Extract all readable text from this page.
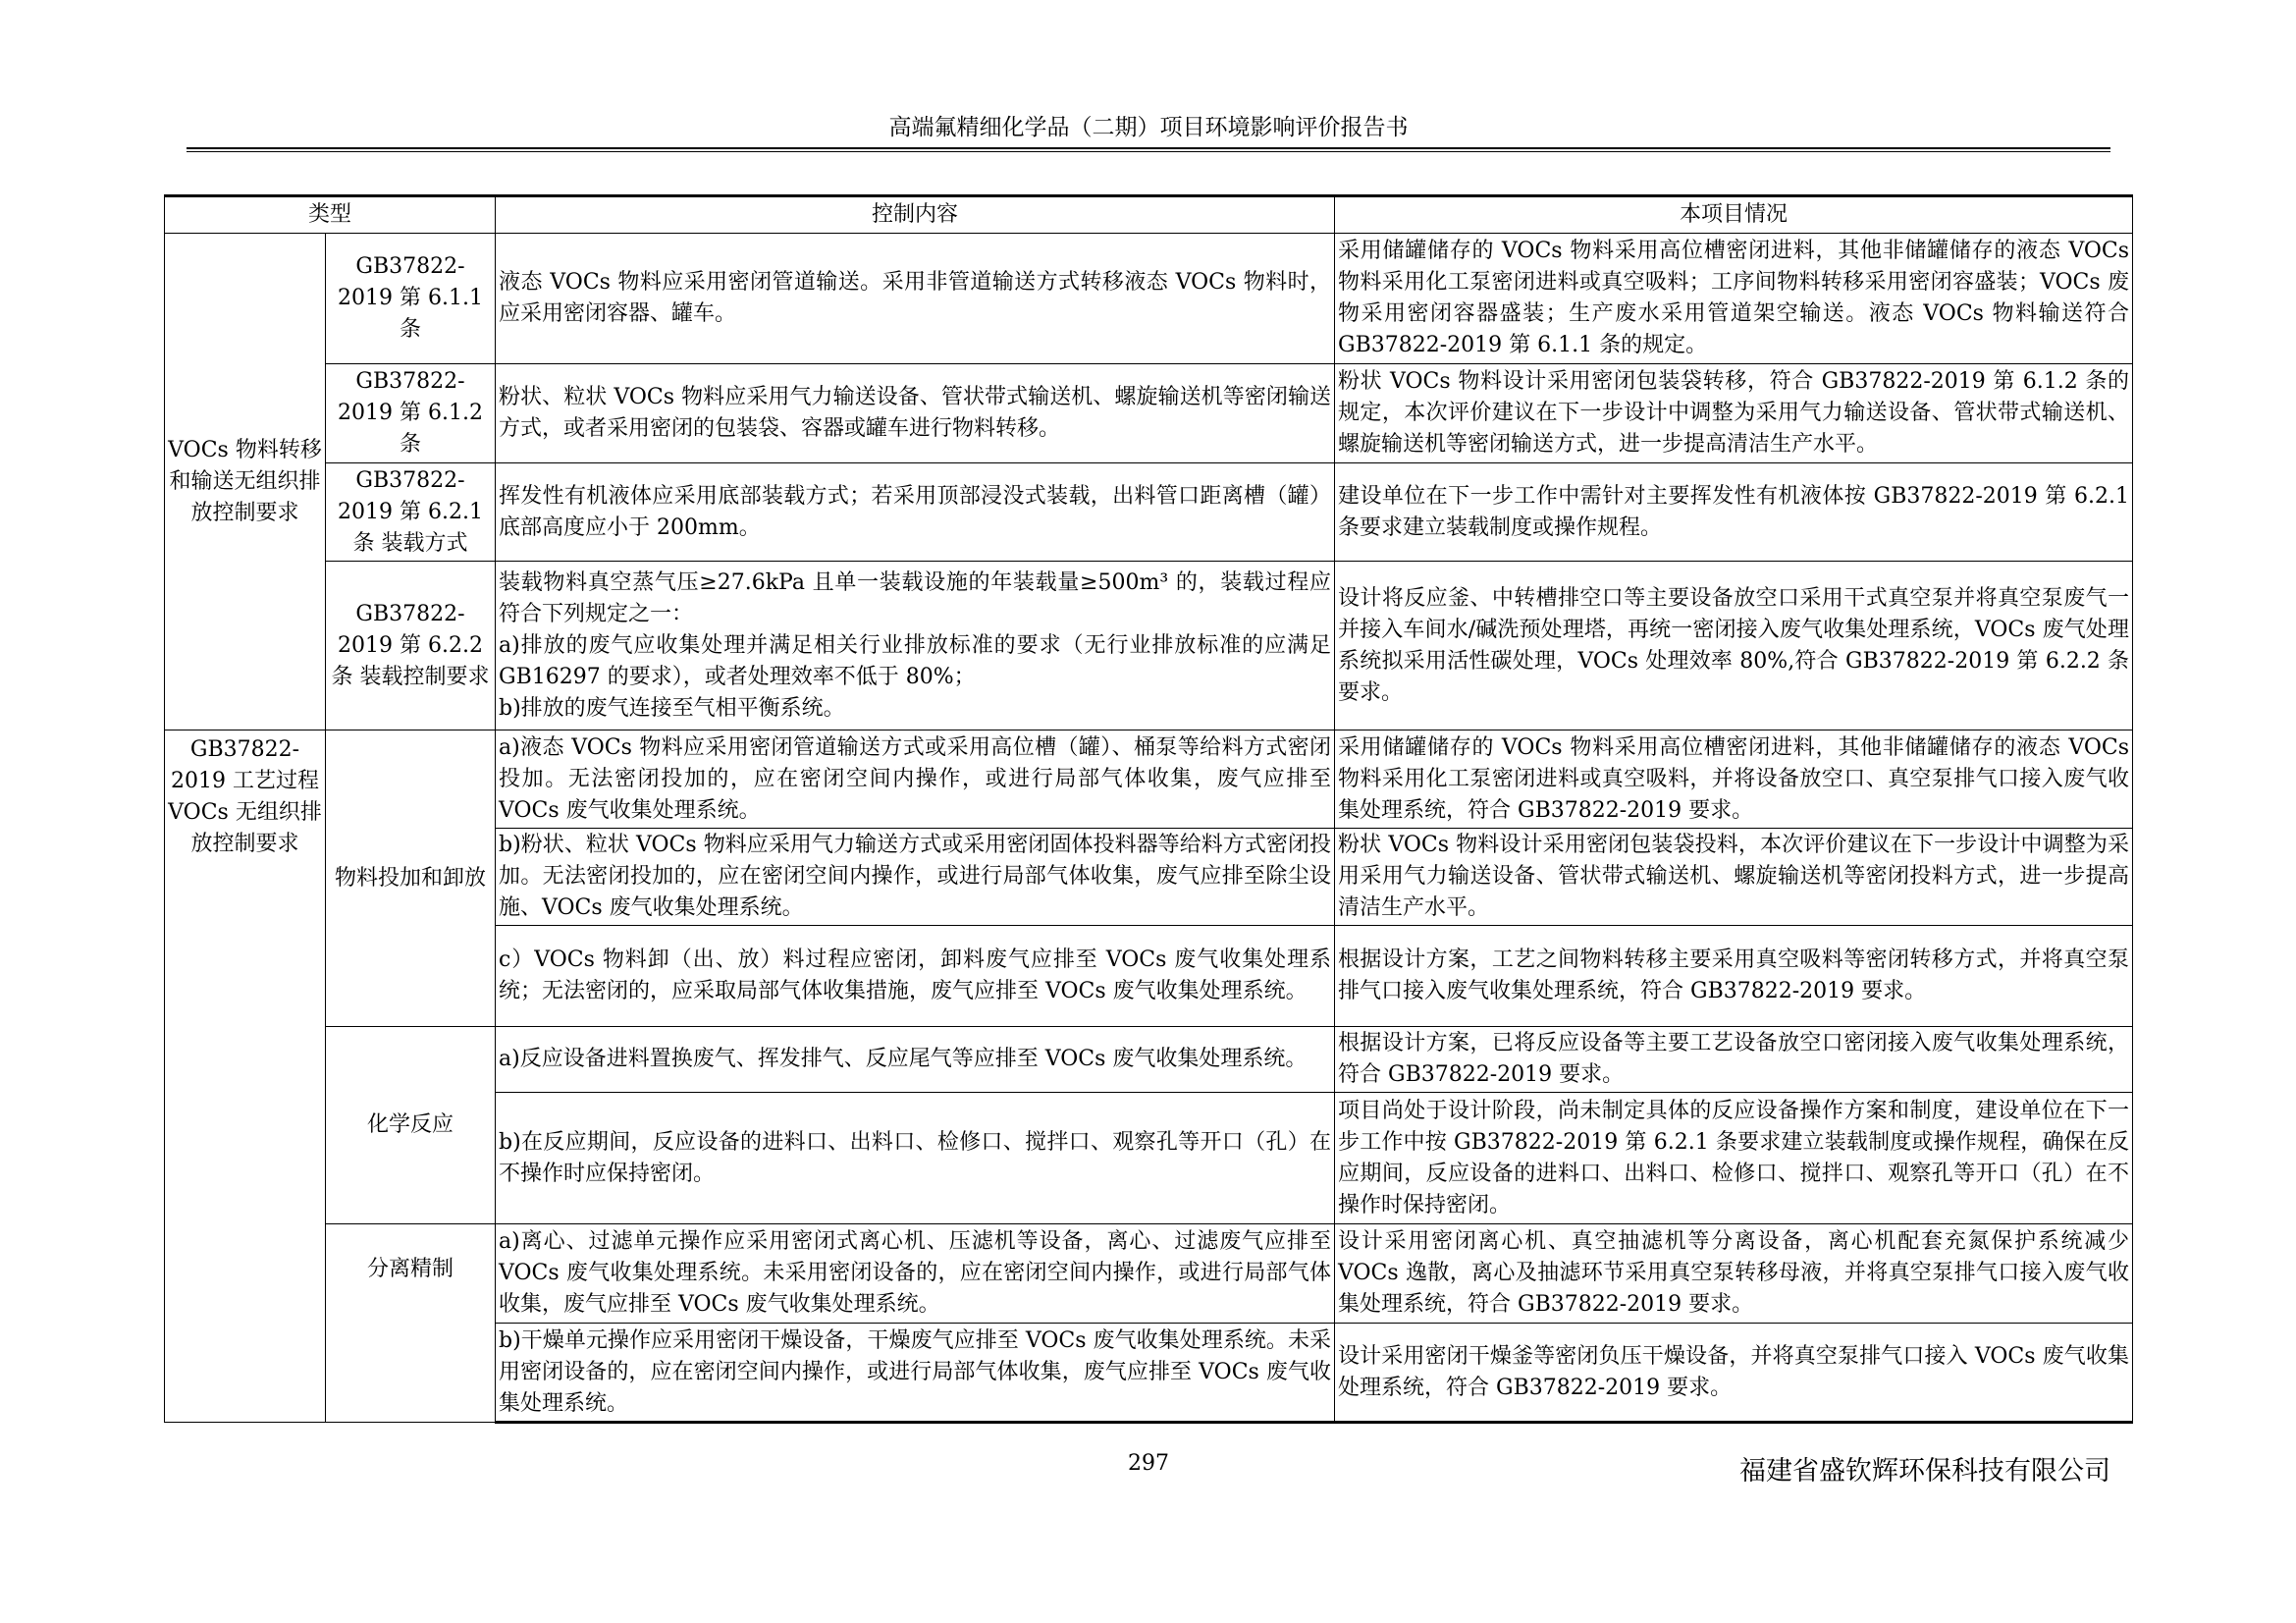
高端氟精细化学品（二期）项目环境影响评价报告书
类型		控制内容	本项目情况
VOCs 物料转移和输送无组织排放控制要求	GB37822-2019 第 6.1.1 条	液态 VOCs 物料应采用密闭管道输送。采用非管道输送方式转移液态 VOCs 物料时，应采用密闭容器、罐车。	采用储罐储存的 VOCs 物料采用高位槽密闭进料，其他非储罐储存的液态 VOCs 物料采用化工泵密闭进料或真空吸料；工序间物料转移采用密闭容盛装；VOCs 废物采用密闭容器盛装；生产废水采用管道架空输送。液态 VOCs 物料输送符合 GB37822-2019 第 6.1.1 条的规定。
	GB37822-2019 第 6.1.2 条	粉状、粒状 VOCs 物料应采用气力输送设备、管状带式输送机、螺旋输送机等密闭输送方式，或者采用密闭的包装袋、容器或罐车进行物料转移。	粉状 VOCs 物料设计采用密闭包装袋转移，符合 GB37822-2019 第 6.1.2 条的规定，本次评价建议在下一步设计中调整为采用气力输送设备、管状带式输送机、螺旋输送机等密闭输送方式，进一步提高清洁生产水平。
	GB37822-2019 第 6.2.1 条 装载方式	挥发性有机液体应采用底部装载方式；若采用顶部浸没式装载，出料管口距离槽（罐）底部高度应小于 200mm。	建设单位在下一步工作中需针对主要挥发性有机液体按 GB37822-2019 第 6.2.1 条要求建立装载制度或操作规程。
	GB37822-2019 第 6.2.2 条 装载控制要求	装载物料真空蒸气压≥27.6kPa 且单一装载设施的年装载量≥500m³ 的，装载过程应符合下列规定之一：
a)排放的废气应收集处理并满足相关行业排放标准的要求（无行业排放标准的应满足 GB16297 的要求），或者处理效率不低于 80%；
b)排放的废气连接至气相平衡系统。	设计将反应釜、中转槽排空口等主要设备放空口采用干式真空泵并将真空泵废气一并接入车间水/碱洗预处理塔，再统一密闭接入废气收集处理系统，VOCs 废气处理系统拟采用活性碳处理，VOCs 处理效率 80%,符合 GB37822-2019 第 6.2.2 条要求。
GB37822-2019 工艺过程 VOCs 无组织排放控制要求	物料投加和卸放	a)液态 VOCs 物料应采用密闭管道输送方式或采用高位槽（罐）、桶泵等给料方式密闭投加。无法密闭投加的，应在密闭空间内操作，或进行局部气体收集，废气应排至 VOCs 废气收集处理系统。	采用储罐储存的 VOCs 物料采用高位槽密闭进料，其他非储罐储存的液态 VOCs 物料采用化工泵密闭进料或真空吸料，并将设备放空口、真空泵排气口接入废气收集处理系统，符合 GB37822-2019 要求。
		b)粉状、粒状 VOCs 物料应采用气力输送方式或采用密闭固体投料器等给料方式密闭投加。无法密闭投加的，应在密闭空间内操作，或进行局部气体收集，废气应排至除尘设施、VOCs 废气收集处理系统。	粉状 VOCs 物料设计采用密闭包装袋投料，本次评价建议在下一步设计中调整为采用采用气力输送设备、管状带式输送机、螺旋输送机等密闭投料方式，进一步提高清洁生产水平。
		c）VOCs 物料卸（出、放）料过程应密闭，卸料废气应排至 VOCs 废气收集处理系统；无法密闭的，应采取局部气体收集措施，废气应排至 VOCs 废气收集处理系统。	根据设计方案，工艺之间物料转移主要采用真空吸料等密闭转移方式，并将真空泵排气口接入废气收集处理系统，符合 GB37822-2019 要求。
	化学反应	a)反应设备进料置换废气、挥发排气、反应尾气等应排至 VOCs 废气收集处理系统。	根据设计方案，已将反应设备等主要工艺设备放空口密闭接入废气收集处理系统，符合 GB37822-2019 要求。
		b)在反应期间，反应设备的进料口、出料口、检修口、搅拌口、观察孔等开口（孔）在不操作时应保持密闭。	项目尚处于设计阶段，尚未制定具体的反应设备操作方案和制度，建设单位在下一步工作中按 GB37822-2019 第 6.2.1 条要求建立装载制度或操作规程，确保在反应期间，反应设备的进料口、出料口、检修口、搅拌口、观察孔等开口（孔）在不操作时保持密闭。
	分离精制	a)离心、过滤单元操作应采用密闭式离心机、压滤机等设备，离心、过滤废气应排至 VOCs 废气收集处理系统。未采用密闭设备的，应在密闭空间内操作，或进行局部气体收集，废气应排至 VOCs 废气收集处理系统。	设计采用密闭离心机、真空抽滤机等分离设备，离心机配套充氮保护系统减少 VOCs 逸散，离心及抽滤环节采用真空泵转移母液，并将真空泵排气口接入废气收集处理系统，符合 GB37822-2019 要求。
		b)干燥单元操作应采用密闭干燥设备，干燥废气应排至 VOCs 废气收集处理系统。未采用密闭设备的，应在密闭空间内操作，或进行局部气体收集，废气应排至 VOCs 废气收集处理系统。	设计采用密闭干燥釜等密闭负压干燥设备，并将真空泵排气口接入 VOCs 废气收集处理系统，符合 GB37822-2019 要求。
297	福建省盛钦辉环保科技有限公司
